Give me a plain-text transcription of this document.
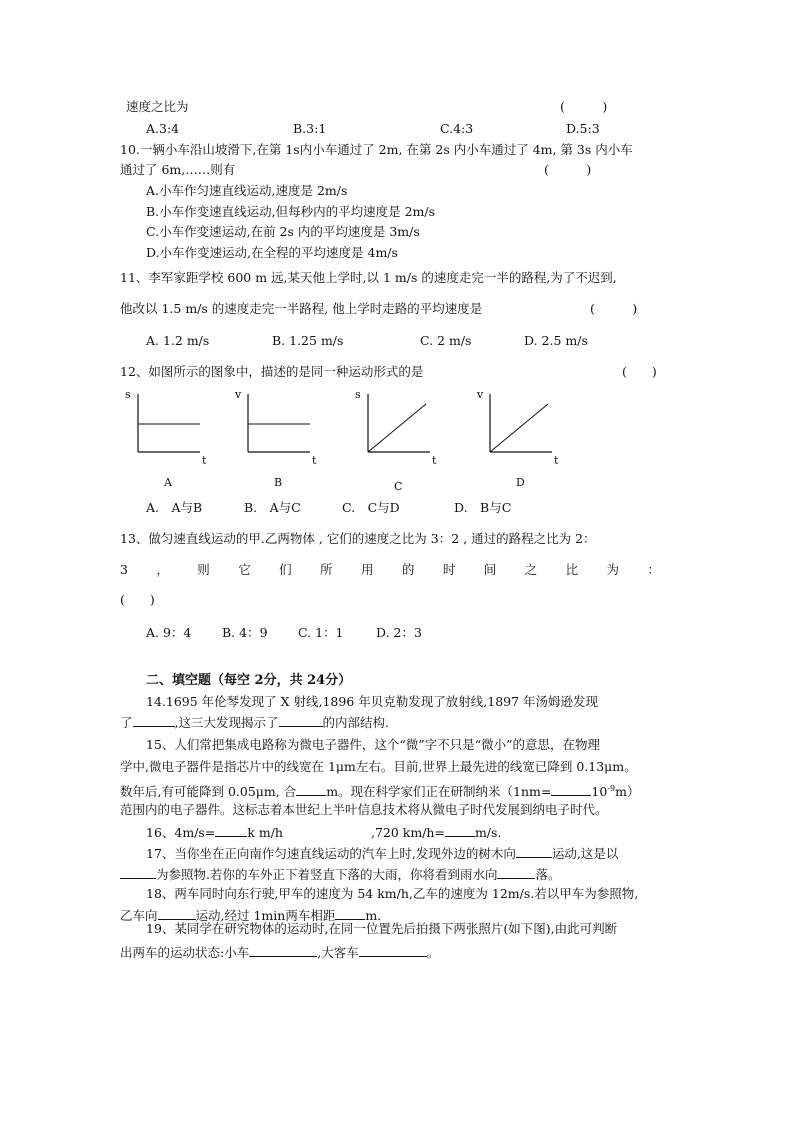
速度之比为	(　　　)
A.3:4	B.3:1	C.4:3	D.5:3
10.一辆小车沿山坡滑下,在第 1s内小车通过了 2m, 在第 2s 内小车通过了 4m, 第 3s 内小车
通过了 6m,……则有	(　　　)
A.小车作匀速直线运动,速度是 2m/s
B.小车作变速直线运动,但每秒内的平均速度是 2m/s
C.小车作变速运动,在前 2s 内的平均速度是 3m/s
D.小车作变速运动,在全程的平均速度是 4m/s
11、李军家距学校 600 m 远,某天他上学时,以 1 m/s 的速度走完一半的路程,为了不迟到,
他改以 1.5 m/s 的速度走完一半路程, 他上学时走路的平均速度是	(　　　)
A. 1.2 m/s	B. 1.25 m/s	C. 2 m/s	D. 2.5 m/s
12、如图所示的图象中，描述的是同一种运动形式的是	(　　)
s
t
A
v
t
B
s
t
C
v
t
D
A.　A与B	B.　A与C	C.　C与D	D.　B与C
13、做匀速直线运动的甲.乙两物体 , 它们的速度之比为 3：2 , 通过的路程之比为 2：
3 ， 则 它 们 所 用 的 时 间 之 比 为 ：
(　　)
A. 9：4 B. 4：9 C. 1：1	D. 2：3
二、填空题（每空 2分，共 24分）
14.1695 年伦琴发现了 X 射线,1896 年贝克勒发现了放射线,1897 年汤姆逊发现
了	,这三大发现揭示了	的内部结构.
15、人们常把集成电路称为微电子器件，这个“微”字不只是“微小”的意思，在物理
学中,微电子器件是指芯片中的线宽在 1μm左右。目前,世界上最先进的线宽已降到 0.13μm。
数年后,有可能降到 0.05μm, 合 m。现在科学家们正在研制纳米（1nm=	$10^{-9}m$）
范围内的电子器件。这标志着本世纪上半叶信息技术将从微电子时代发展到纳电子时代。
16、4m/s=	k m/h	,720 km/h= m/s.
17、当你坐在正向南作匀速直线运动的汽车上时,发现外边的树木向	运动,这是以
为参照物.若你的车外正下着竖直下落的大雨，你将看到雨水向	落。
18、两车同时向东行驶,甲车的速度为 54 km/h,乙车的速度为 12m/s.若以甲车为参照物,
乙车向	运动,经过 1min两车相距 m.
19、某同学在研究物体的运动时,在同一位置先后拍摄下两张照片(如下图),由此可判断
出两车的运动状态:小车	,大客车	。
